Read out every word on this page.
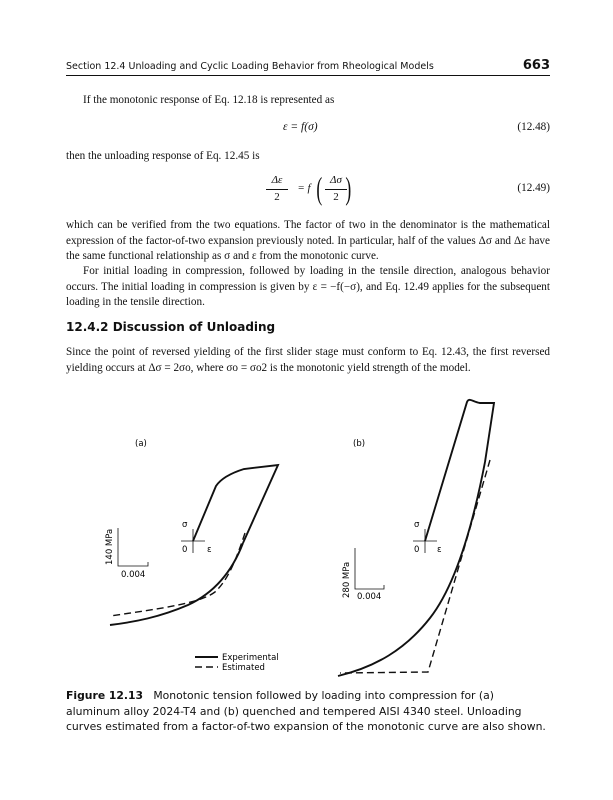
Section 12.4 Unloading and Cyclic Loading Behavior from Rheological Models	663

If the monotonic response of Eq. 12.18 is represented as

ε = f(σ)	(12.48)

then the unloading response of Eq. 12.45 is

Δε
2
= f ( Δσ
2 )	(12.49)

which can be verified from the two equations. The factor of two in the denominator is the mathematical expression of the factor-of-two expansion previously noted. In particular, half of the values Δσ and Δε have the same functional relationship as σ and ε from the monotonic curve.

For initial loading in compression, followed by loading in the tensile direction, analogous behavior occurs. The initial loading in compression is given by ε = −f(−σ), and Eq. 12.49 applies for the subsequent loading in the tensile direction.

12.4.2 Discussion of Unloading

Since the point of reversed yielding of the first slider stage must conform to Eq. 12.43, the first reversed yielding occurs at Δσ = 2σo, where σo = σo2 is the monotonic yield strength of the model.

(a)
σ
0 ε
140 MPa
0.004
(b)
σ
0 ε
280 MPa 0.004
Experimental
Estimated

Figure 12.13 Monotonic tension followed by loading into compression for (a) aluminum alloy 2024-T4 and (b) quenched and tempered AISI 4340 steel. Unloading curves estimated from a factor-of-two expansion of the monotonic curve are also shown.
